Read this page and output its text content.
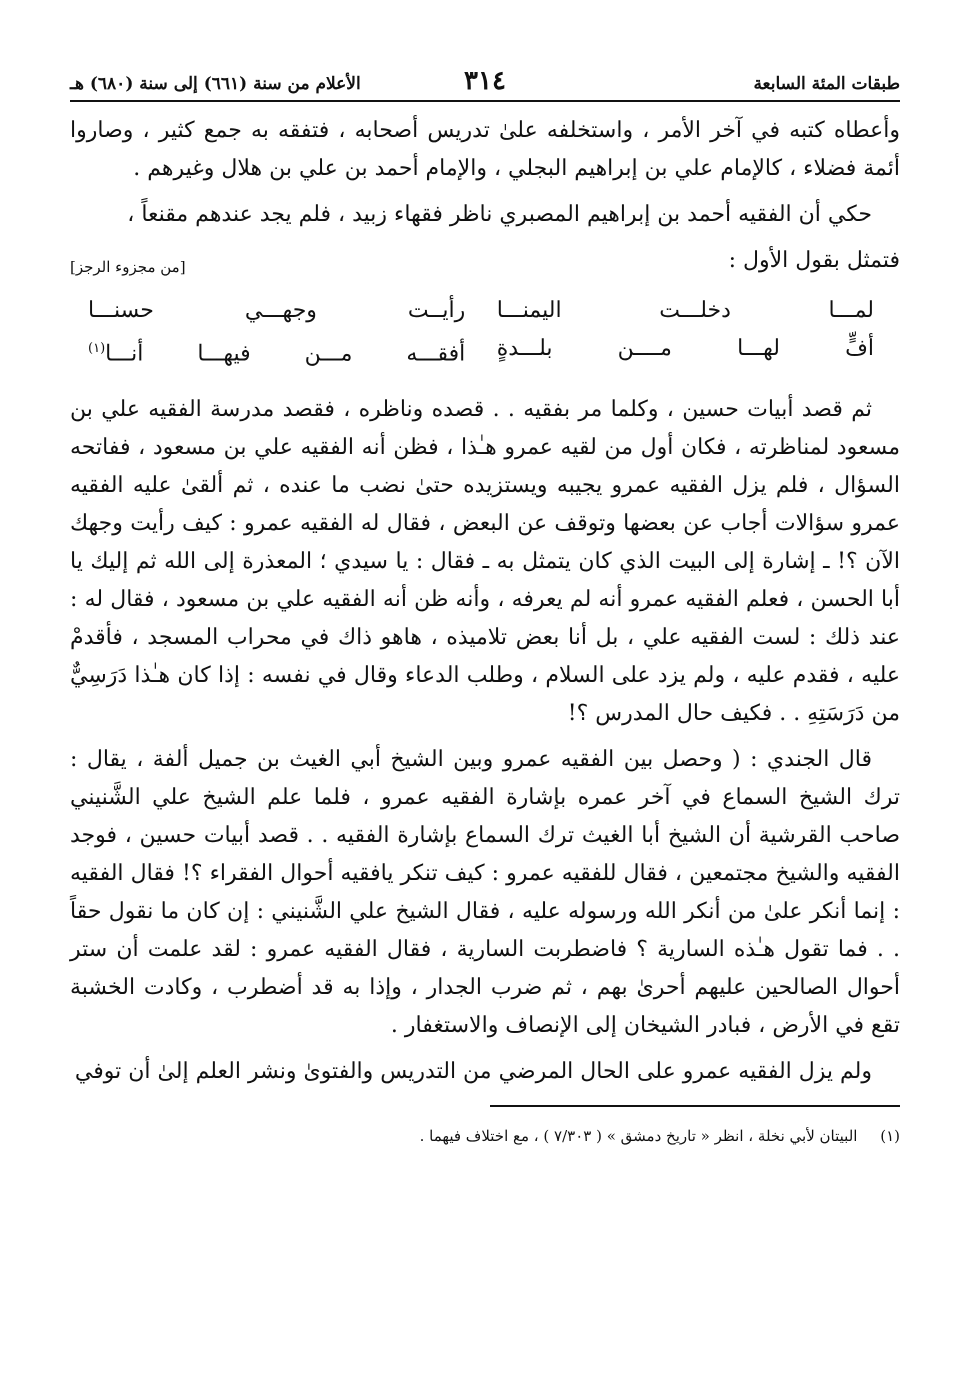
طبقات المئة السابعة
٣١٤
الأعلام من سنة (٦٦١) إلى سنة (٦٨٠) هـ

وأعطاه كتبه في آخر الأمر ، واستخلفه علىٰ تدريس أصحابه ، فتفقه به جمع كثير ، وصاروا أئمة فضلاء ، كالإمام علي بن إبراهيم البجلي ، والإمام أحمد بن علي بن هلال وغيرهم .

حكي أن الفقيه أحمد بن إبراهيم المصبري ناظر فقهاء زبيد ، فلم يجد عندهم مقنعاً ،

فتمثل بقول الأول :
[من مجزوء الرجز]
لمـــا دخلـــت اليمنـــا
رأيــت وجهـــي حسنـــا
أفٍّ لهـــا مــــن بلـــدةٍ
أفقـــه مـــن فيهـــا أنـــا$^{(١)}$

ثم قصد أبيات حسين ، وكلما مر بفقيه . . قصده وناظره ، فقصد مدرسة الفقيه علي بن مسعود لمناظرته ، فكان أول من لقيه عمرو هـٰذا ، فظن أنه الفقيه علي بن مسعود ، ففاتحه السؤال ، فلم يزل الفقيه عمرو يجيبه ويستزيده حتىٰ نضب ما عنده ، ثم ألقىٰ عليه الفقيه عمرو سؤالات أجاب عن بعضها وتوقف عن البعض ، فقال له الفقيه عمرو : كيف رأيت وجهك الآن ؟! ـ إشارة إلى البيت الذي كان يتمثل به ـ فقال : يا سيدي ؛ المعذرة إلى الله ثم إليك يا أبا الحسن ، فعلم الفقيه عمرو أنه لم يعرفه ، وأنه ظن أنه الفقيه علي بن مسعود ، فقال له : عند ذلك : لست الفقيه علي ، بل أنا بعض تلاميذه ، هاهو ذاك في محراب المسجد ، فأقدمْ عليه ، فقدم عليه ، ولم يزد على السلام ، وطلب الدعاء وقال في نفسه : إذا كان هـٰذا دَرَسِيٌّ من دَرَسَتِهِ . . فكيف حال المدرس ؟!

قال الجندي : ( وحصل بين الفقيه عمرو وبين الشيخ أبي الغيث بن جميل ألفة ، يقال : ترك الشيخ السماع في آخر عمره بإشارة الفقيه عمرو ، فلما علم الشيخ علي الشَّنيني صاحب القرشية أن الشيخ أبا الغيث ترك السماع بإشارة الفقيه . . قصد أبيات حسين ، فوجد الفقيه والشيخ مجتمعين ، فقال للفقيه عمرو : كيف تنكر يافقيه أحوال الفقراء ؟! فقال الفقيه : إنما أنكر علىٰ من أنكر الله ورسوله عليه ، فقال الشيخ علي الشَّنيني : إن كان ما نقول حقاً . . فما تقول هـٰذه السارية ؟ فاضطربت السارية ، فقال الفقيه عمرو : لقد علمت أن ستر أحوال الصالحين عليهم أحرىٰ بهم ، ثم ضرب الجدار ، وإذا به قد أضطرب ، وكادت الخشبة تقع في الأرض ، فبادر الشيخان إلى الإنصاف والاستغفار .

ولم يزل الفقيه عمرو على الحال المرضي من التدريس والفتوىٰ ونشر العلم إلىٰ أن توفي

(١) البيتان لأبي نخلة ، انظر « تاريخ دمشق » ( ٧/٣٠٣ ) ، مع اختلاف فيهما .
